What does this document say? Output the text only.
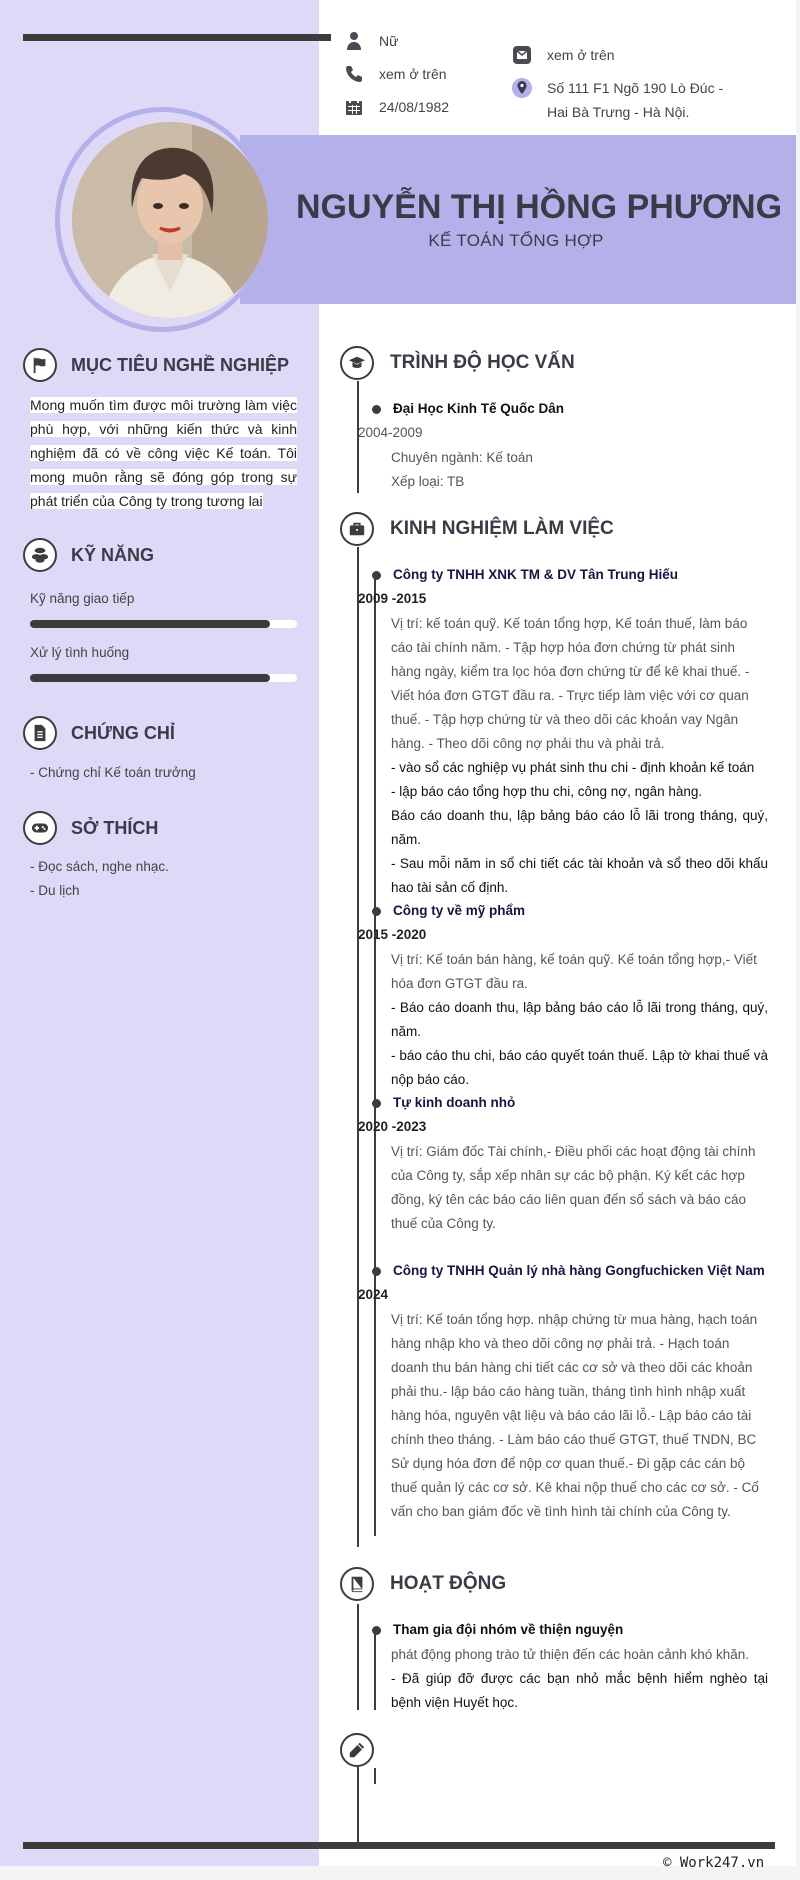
Nữ
xem ở trên
24/08/1982
xem ở trên
Số 111 F1 Ngõ 190 Lò Đúc -
Hai Bà Trưng - Hà Nội.
NGUYỄN THỊ HỒNG PHƯƠNG
KẾ TOÁN TỔNG HỢP
MỤC TIÊU NGHỀ NGHIỆP
Mong muốn tìm được môi trường làm việc phù hợp, với những kiến thức và kinh nghiệm đã có về công việc Kế toán. Tôi mong muôn rằng sẽ đóng góp trong sự phát triển của Công ty trong tương lai
KỸ NĂNG
Kỹ năng giao tiếp
Xử lý tình huống
CHỨNG CHỈ
- Chứng chỉ Kế toán trưởng
SỞ THÍCH
- Đọc sách, nghe nhạc.
- Du lịch
TRÌNH ĐỘ HỌC VẤN
Đại Học Kinh Tế Quốc Dân
2004-2009

Chuyên ngành: Kế toán

Xếp loại: TB

KINH NGHIỆM LÀM VIỆC
Công ty TNHH XNK TM & DV Tân Trung Hiếu
2009 -2015

Vị trí: kế toán quỹ. Kế toán tổng hợp, Kế toán thuế, làm báo cáo tài chính năm. - Tập hợp hóa đơn chứng từ phát sinh hàng ngày, kiểm tra lọc hóa đơn chứng từ để kê khai thuế. - Viết hóa đơn GTGT đầu ra. - Trực tiếp làm việc với cơ quan thuế. - Tập hợp chứng từ và theo dõi các khoản vay Ngân hàng. - Theo dõi công nợ phải thu và phải trả.

- vào sổ các nghiệp vụ phát sinh thu chi - định khoản kế toán

- lập báo cáo tổng hợp thu chi, công nợ, ngân hàng.

Báo cáo doanh thu, lập bảng báo cáo lỗ lãi trong tháng, quý, năm.

- Sau mỗi năm in sổ chi tiết các tài khoản và sổ theo dõi khấu hao tài sản cố định.

Công ty về mỹ phẩm
2015 -2020

Vị trí: Kế toán bán hàng, kế toán quỹ. Kế toán tổng hợp,- Viết hóa đơn GTGT đầu ra.

- Báo cáo doanh thu, lập bảng báo cáo lỗ lãi trong tháng, quý, năm.

- báo cáo thu chi, báo cáo quyết toán thuế. Lập tờ khai thuế và nộp báo cáo.

Tự kinh doanh nhỏ
2020 -2023

Vị trí: Giám đốc Tài chính,- Điều phối các hoạt động tài chính của Công ty, sắp xếp nhân sự các bộ phận. Ký kết các hợp đồng, ký tên các báo cáo liên quan đến sổ sách và báo cáo thuế của Công ty.

Công ty TNHH Quản lý nhà hàng Gongfuchicken Việt Nam
2024

Vị trí: Kế toán tổng hợp. nhập chứng từ mua hàng, hạch toán hàng nhập kho và theo dõi công nợ phải trả. - Hạch toán doanh thu bán hàng chi tiết các cơ sở và theo dõi các khoản phải thu.- lập báo cáo hàng tuần, tháng tình hình nhập xuất hàng hóa, nguyên vật liệu và báo cáo lãi lỗ.- Lập báo cáo tài chính theo tháng. - Làm báo cáo thuế GTGT, thuế TNDN, BC Sử dụng hóa đơn để nộp cơ quan thuế.- Đi gặp các cán bộ thuế quản lý các cơ sở. Kê khai nộp thuế cho các cơ sở. - Cố vấn cho ban giám đốc về tình hình tài chính của Công ty.

HOẠT ĐỘNG
Tham gia đội nhóm về thiện nguyện

phát động phong trào tử thiện đến các hoàn cảnh khó khăn.

- Đã giúp đỡ được các bạn nhỏ mắc bệnh hiểm nghèo tại bệnh viện Huyết học.

© Work247.vn
